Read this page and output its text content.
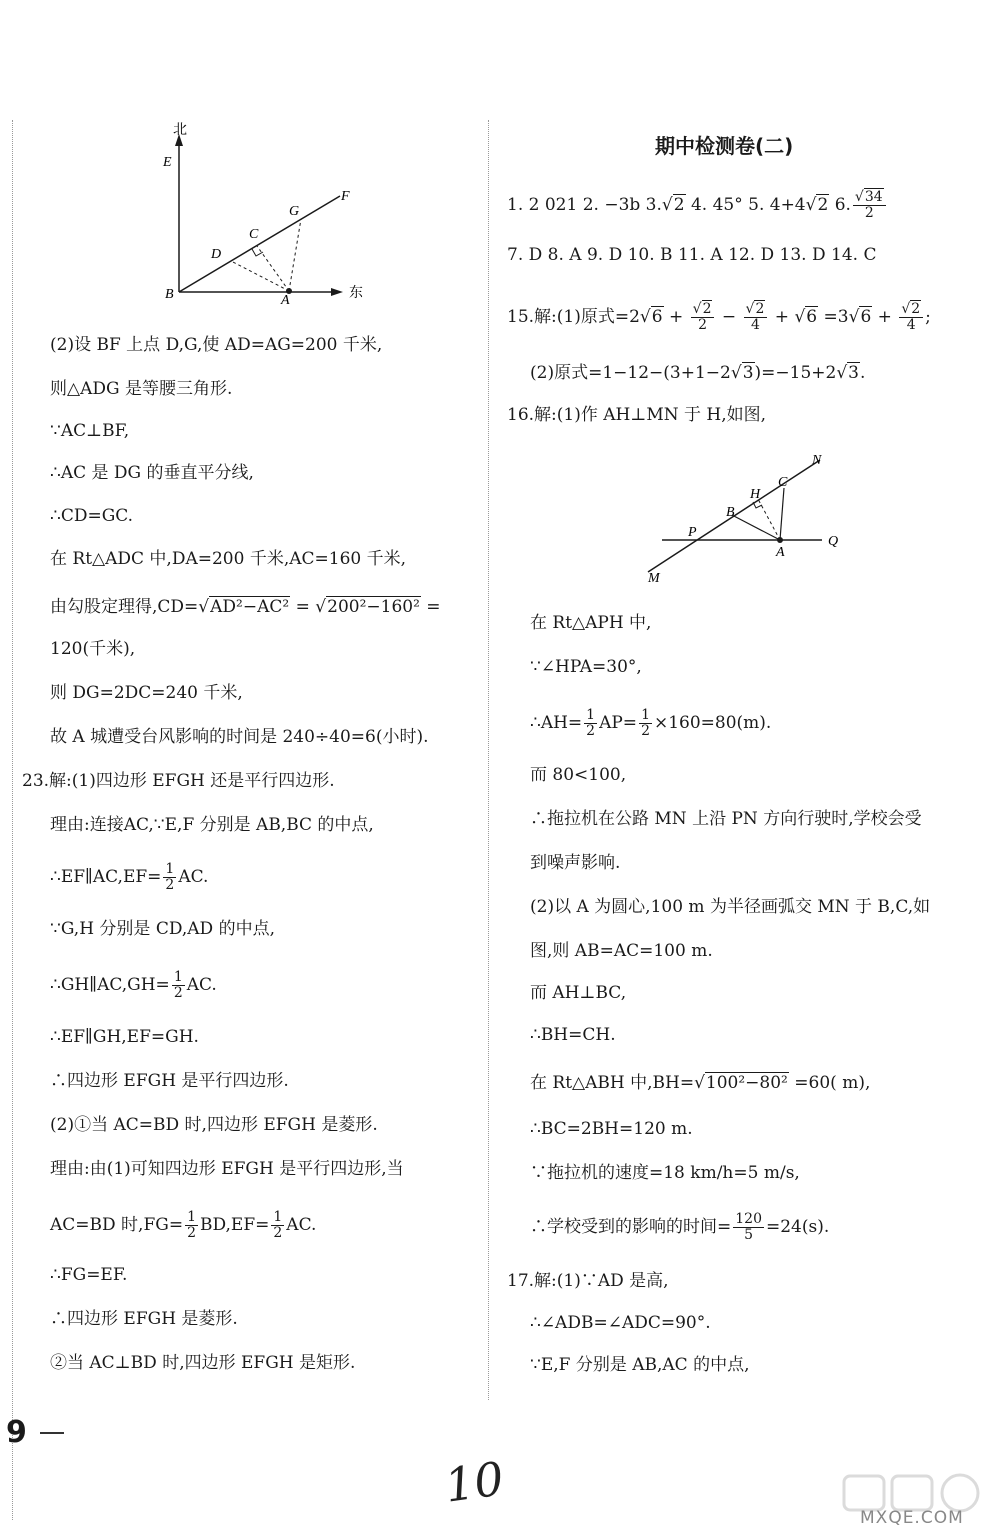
北
东
E
F
G
C
D
B	A
(2)设 BF 上点 D,G,使 AD=AG=200 千米,
则△ADG 是等腰三角形.
∵AC⊥BF,
∴AC 是 DG 的垂直平分线,
∴CD=GC.
在 Rt△ADC 中,DA=200 千米,AC=160 千米,
由勾股定理得,CD=√AD²−AC² = √200²−160² =
120(千米),
则 DG=2DC=240 千米,
故 A 城遭受台风影响的时间是 240÷40=6(小时).
23.解:(1)四边形 EFGH 还是平行四边形.
理由:连接AC,∵E,F 分别是 AB,BC 的中点,
∴EF∥AC,EF= $\frac{1}{2}$ AC.
∵G,H 分别是 CD,AD 的中点,
∴GH∥AC,GH= $\frac{1}{2}$ AC.
∴EF∥GH,EF=GH.
∴四边形 EFGH 是平行四边形.
(2)①当 AC=BD 时,四边形 EFGH 是菱形.
理由:由(1)可知四边形 EFGH 是平行四边形,当
AC=BD 时$,FG= \frac{1}{2} BD,EF= \frac{1}{2}$ AC.
∴FG=EF.
∴四边形 EFGH 是菱形.
②当 AC⊥BD 时,四边形 EFGH 是矩形.
期中检测卷(二)
1. 2 021 2. −3b 3.√2 4. 45° 5. 4+4√2 6. $\frac{√34}{2}$
7. D 8. A 9. D 10. B 11. A 12. D 13. D 14. C
15.解:(1)原式$=2√6 + \frac{√2}{2} - \frac{√2}{4} + √6 =3√6 + \frac{√2}{4}$ ;
(2)原式=1−12−(3+1−2√3)=−15+2√3.
16.解:(1)作 AH⊥MN 于 H,如图,
N
C
H
B
P
A
Q
M
在 Rt△APH 中,
∵∠HPA=30°,
∴AH= $\frac{1}{2} AP= \frac{1}{2} \times 160=80(m)$.
而 80<100,
∴拖拉机在公路 MN 上沿 PN 方向行驶时,学校会受
到噪声影响.
(2)以 A 为圆心,100 m 为半径画弧交 MN 于 B,C,如
图,则 AB=AC=100 m.
而 AH⊥BC,
∴BH=CH.
在 Rt△ABH 中,BH=√100²−80² =60( m),
∴BC=2BH=120 m.
∵拖拉机的速度=18 km/h=5 m/s,
∴学校受到的影响的时间= $\frac{120}{5} =24(s)$.
17.解:(1)∵AD 是高,
∴∠ADB=∠ADC=90°.
∵E,F 分别是 AB,AC 的中点,
9
10
MXQE.COM
